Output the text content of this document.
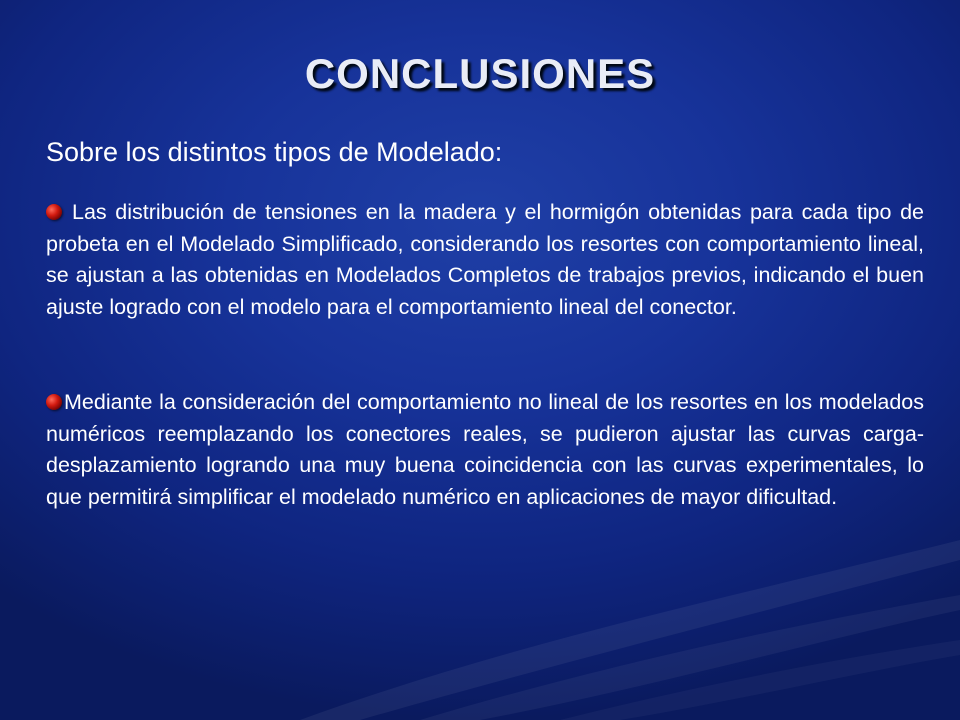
CONCLUSIONES
Sobre los distintos tipos de Modelado:
Las distribución de tensiones en la madera y el hormigón obtenidas para cada tipo de probeta en el Modelado Simplificado, considerando los resortes con comportamiento lineal, se ajustan a las obtenidas en Modelados Completos de trabajos previos, indicando el buen ajuste logrado con el modelo para el comportamiento lineal del conector.
Mediante la consideración del comportamiento no lineal de los resortes en los modelados numéricos reemplazando los conectores reales, se pudieron ajustar las curvas carga-desplazamiento logrando una muy buena coincidencia con las curvas experimentales, lo que permitirá simplificar el modelado numérico en aplicaciones de mayor dificultad.
